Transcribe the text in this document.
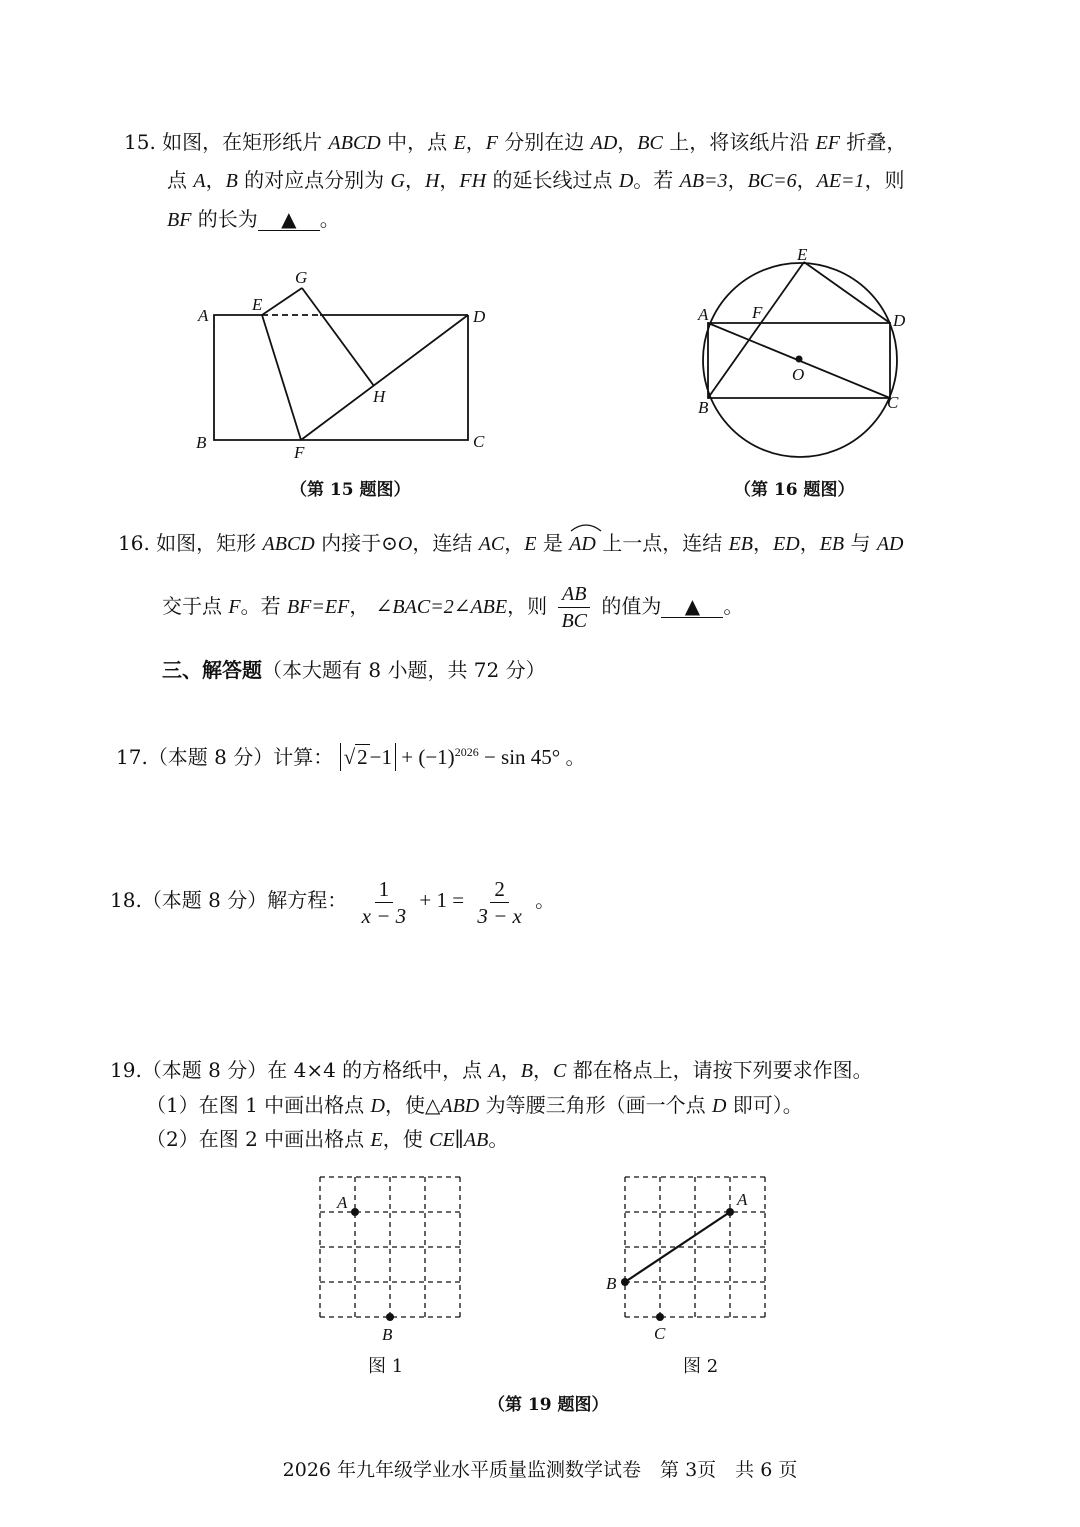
15. 如图，在矩形纸片 ABCD 中，点 E，F 分别在边 AD，BC 上，将该纸片沿 EF 折叠，
点 A，B 的对应点分别为 G，H，FH 的延长线过点 D。若 AB=3，BC=6，AE=1，则
BF 的长为 ▲ 。
A
E
G
D
H
B
F
C
（第 15 题图）
E
A	F	D
O
B	C
（第 16 题图）
16. 如图，矩形 ABCD 内接于⊙O，连结 AC，E 是 AD 上一点，连结 EB，ED，EB 与 AD
交于点 F。若 BF=EF， ∠BAC=2∠ABE，则 $\frac{AB}{BC}$ 的值为 ▲ 。
三、解答题（本大题有 8 小题，共 72 分）
17.（本题 8 分）计算： $√2-1 + (-1)^{2026} - \sin 45^\circ$ 。
18.（本题 8 分）解方程： $\frac{1}{x - 3} + 1 = \frac{2}{3 - x}$ 。
19.（本题 8 分）在 4×4 的方格纸中，点 A，B，C 都在格点上，请按下列要求作图。
（1）在图 1 中画出格点 D，使△ABD 为等腰三角形（画一个点 D 即可）。
（2）在图 2 中画出格点 E，使 CE∥AB。
A
B
图 1
A
B
C
图 2
（第 19 题图）
2026 年九年级学业水平质量监测数学试卷　第 3页　共 6 页
